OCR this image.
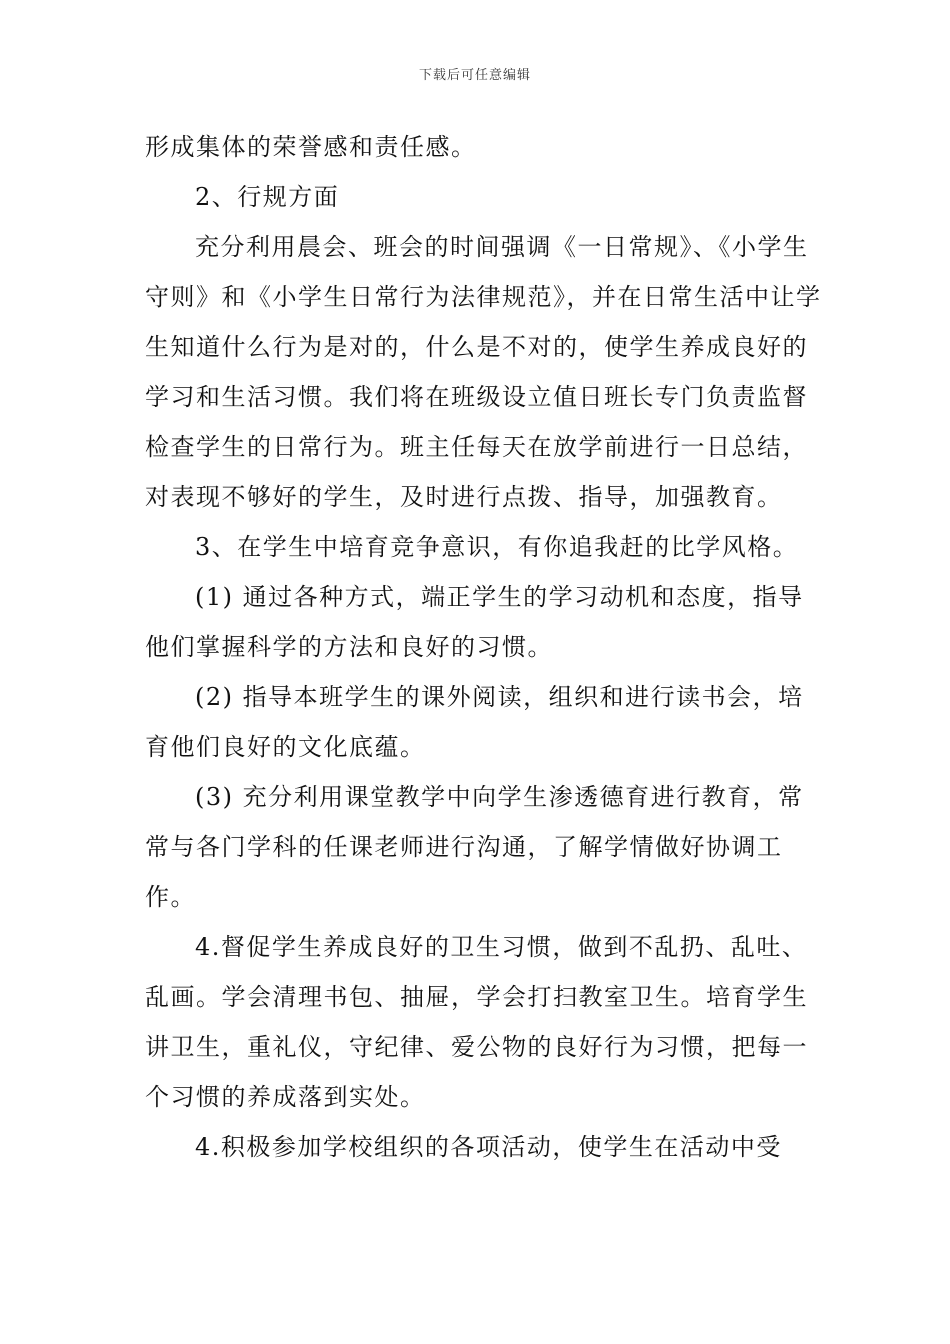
下载后可任意编辑

形成集体的荣誉感和责任感。

2、行规方面

充分利用晨会、班会的时间强调《一日常规》、《小学生守则》和《小学生日常行为法律规范》，并在日常生活中让学生知道什么行为是对的，什么是不对的，使学生养成良好的学习和生活习惯。我们将在班级设立值日班长专门负责监督检查学生的日常行为。班主任每天在放学前进行一日总结，对表现不够好的学生，及时进行点拨、指导，加强教育。

3、在学生中培育竞争意识，有你追我赶的比学风格。

(1) 通过各种方式，端正学生的学习动机和态度，指导他们掌握科学的方法和良好的习惯。

(2) 指导本班学生的课外阅读，组织和进行读书会，培育他们良好的文化底蕴。

(3) 充分利用课堂教学中向学生渗透德育进行教育，常常与各门学科的任课老师进行沟通，了解学情做好协调工作。

4.督促学生养成良好的卫生习惯，做到不乱扔、乱吐、乱画。学会清理书包、抽屉，学会打扫教室卫生。培育学生讲卫生，重礼仪，守纪律、爱公物的良好行为习惯，把每一个习惯的养成落到实处。

4.积极参加学校组织的各项活动，使学生在活动中受
